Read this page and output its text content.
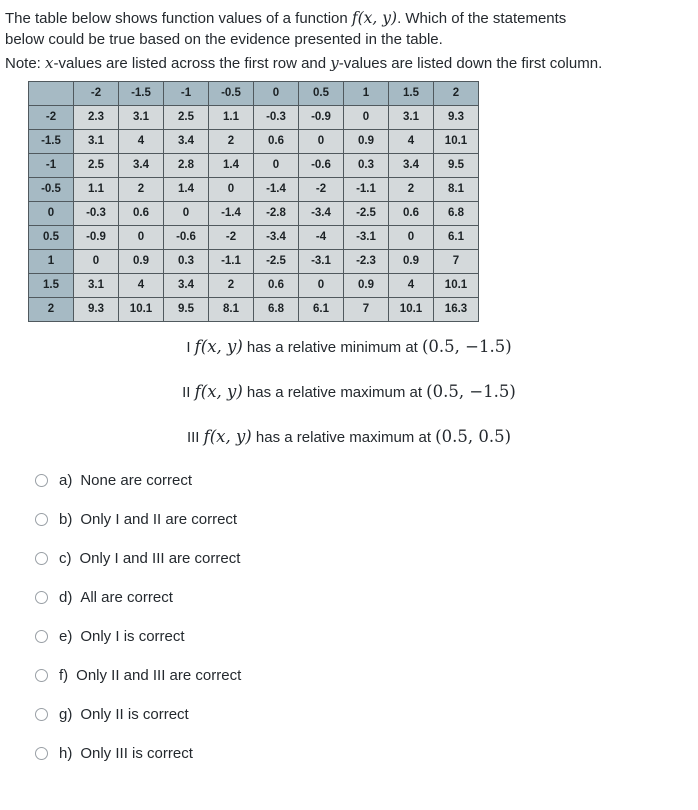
The table below shows function values of a function f(x, y). Which of the statements below could be true based on the evidence presented in the table.

Note: x-values are listed across the first row and y-values are listed down the first column.

	-2	-1.5	-1	-0.5	0	0.5	1	1.5	2
-2	2.3	3.1	2.5	1.1	-0.3	-0.9	0	3.1	9.3
-1.5	3.1	4	3.4	2	0.6	0	0.9	4	10.1
-1	2.5	3.4	2.8	1.4	0	-0.6	0.3	3.4	9.5
-0.5	1.1	2	1.4	0	-1.4	-2	-1.1	2	8.1
0	-0.3	0.6	0	-1.4	-2.8	-3.4	-2.5	0.6	6.8
0.5	-0.9	0	-0.6	-2	-3.4	-4	-3.1	0	6.1
1	0	0.9	0.3	-1.1	-2.5	-3.1	-2.3	0.9	7
1.5	3.1	4	3.4	2	0.6	0	0.9	4	10.1
2	9.3	10.1	9.5	8.1	6.8	6.1	7	10.1	16.3
I f(x, y) has a relative minimum at (0.5, −1.5)
II f(x, y) has a relative maximum at (0.5, −1.5)
III f(x, y) has a relative maximum at (0.5, 0.5)
a) None are correct
b) Only I and II are correct
c) Only I and III are correct
d) All are correct
e) Only I is correct
f) Only II and III are correct
g) Only II is correct
h) Only III is correct
